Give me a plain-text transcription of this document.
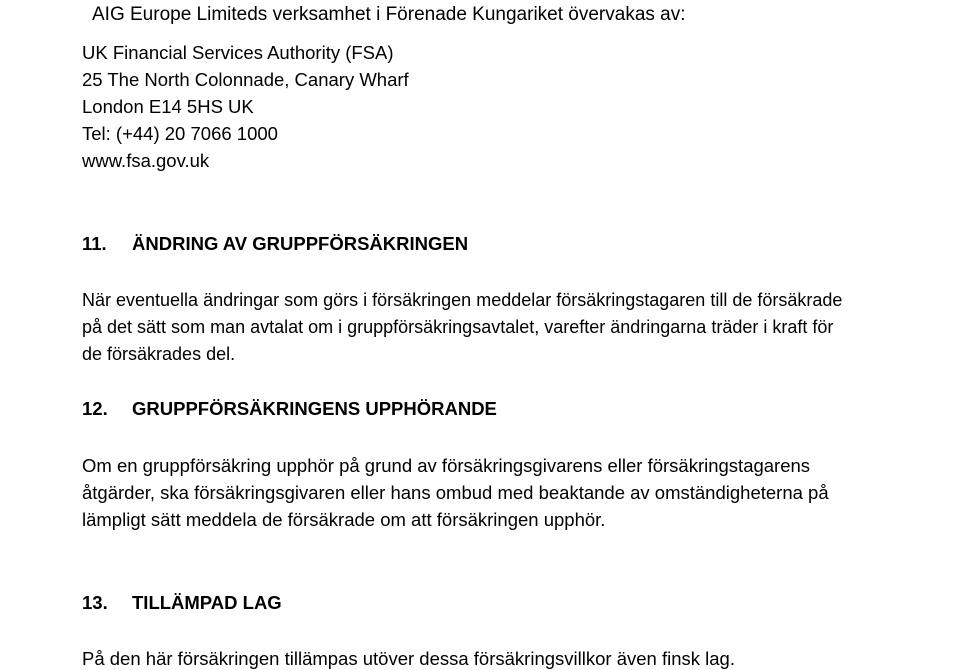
AIG Europe Limiteds verksamhet i Förenade Kungariket övervakas av:
UK Financial Services Authority (FSA)
25 The North Colonnade, Canary Wharf
London E14 5HS UK
Tel: (+44) 20 7066 1000
www.fsa.gov.uk
11. ÄNDRING AV GRUPPFÖRSÄKRINGEN
När eventuella ändringar som görs i försäkringen meddelar försäkringstagaren till de försäkrade
på det sätt som man avtalat om i gruppförsäkringsavtalet, varefter ändringarna träder i kraft för
de försäkrades del.
12. GRUPPFÖRSÄKRINGENS UPPHÖRANDE
Om en gruppförsäkring upphör på grund av försäkringsgivarens eller försäkringstagarens
åtgärder, ska försäkringsgivaren eller hans ombud med beaktande av omständigheterna på
lämpligt sätt meddela de försäkrade om att försäkringen upphör.
13. TILLÄMPAD LAG
På den här försäkringen tillämpas utöver dessa försäkringsvillkor även finsk lag.
